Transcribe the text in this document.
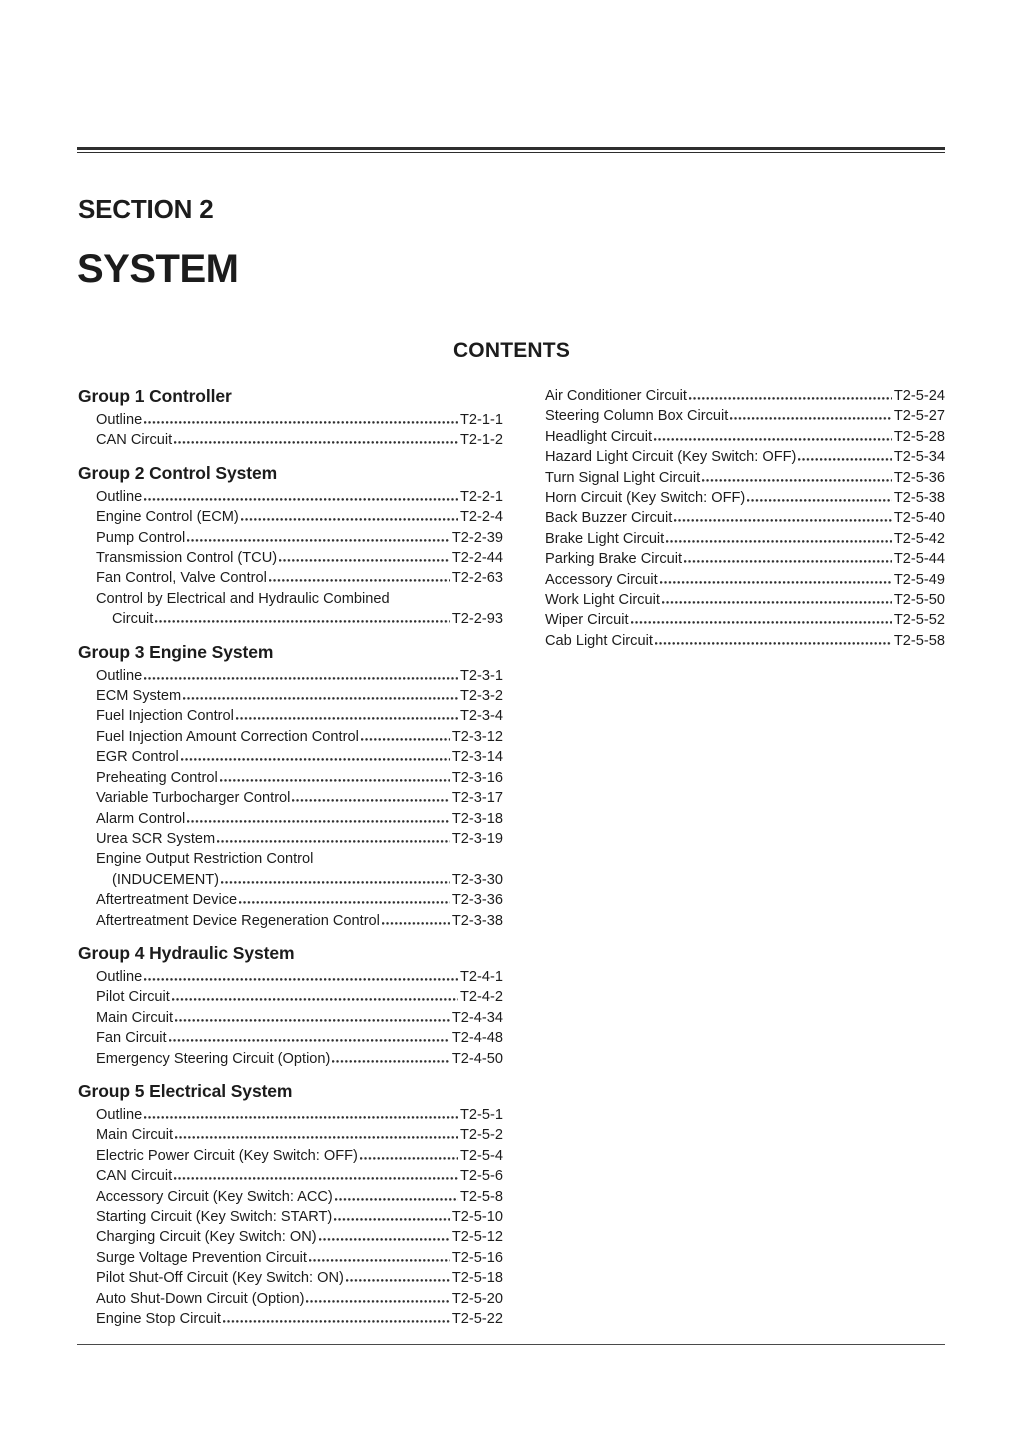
SECTION 2
SYSTEM
CONTENTS
Group 1 Controller
Outline	T2-1-1
CAN Circuit	T2-1-2
Group 2 Control System
Outline	T2-2-1
Engine Control (ECM)	T2-2-4
Pump Control	T2-2-39
Transmission Control (TCU)	T2-2-44
Fan Control, Valve Control	T2-2-63
Control by Electrical and Hydraulic Combined
Circuit	T2-2-93
Group 3 Engine System
Outline	T2-3-1
ECM System	T2-3-2
Fuel Injection Control	T2-3-4
Fuel Injection Amount Correction Control	T2-3-12
EGR Control	T2-3-14
Preheating Control	T2-3-16
Variable Turbocharger Control	T2-3-17
Alarm Control	T2-3-18
Urea SCR System	T2-3-19
Engine Output Restriction Control
(INDUCEMENT)	T2-3-30
Aftertreatment Device	T2-3-36
Aftertreatment Device Regeneration Control	T2-3-38
Group 4 Hydraulic System
Outline	T2-4-1
Pilot Circuit	T2-4-2
Main Circuit	T2-4-34
Fan Circuit	T2-4-48
Emergency Steering Circuit (Option)	T2-4-50
Group 5 Electrical System
Outline	T2-5-1
Main Circuit	T2-5-2
Electric Power Circuit (Key Switch: OFF)	T2-5-4
CAN Circuit	T2-5-6
Accessory Circuit (Key Switch: ACC)	T2-5-8
Starting Circuit (Key Switch: START)	T2-5-10
Charging Circuit (Key Switch: ON)	T2-5-12
Surge Voltage Prevention Circuit	T2-5-16
Pilot Shut-Off Circuit (Key Switch: ON)	T2-5-18
Auto Shut-Down Circuit (Option)	T2-5-20
Engine Stop Circuit	T2-5-22
Air Conditioner Circuit	T2-5-24
Steering Column Box Circuit	T2-5-27
Headlight Circuit	T2-5-28
Hazard Light Circuit (Key Switch: OFF)	T2-5-34
Turn Signal Light Circuit	T2-5-36
Horn Circuit (Key Switch: OFF)	T2-5-38
Back Buzzer Circuit	T2-5-40
Brake Light Circuit	T2-5-42
Parking Brake Circuit	T2-5-44
Accessory Circuit	T2-5-49
Work Light Circuit	T2-5-50
Wiper Circuit	T2-5-52
Cab Light Circuit	T2-5-58
